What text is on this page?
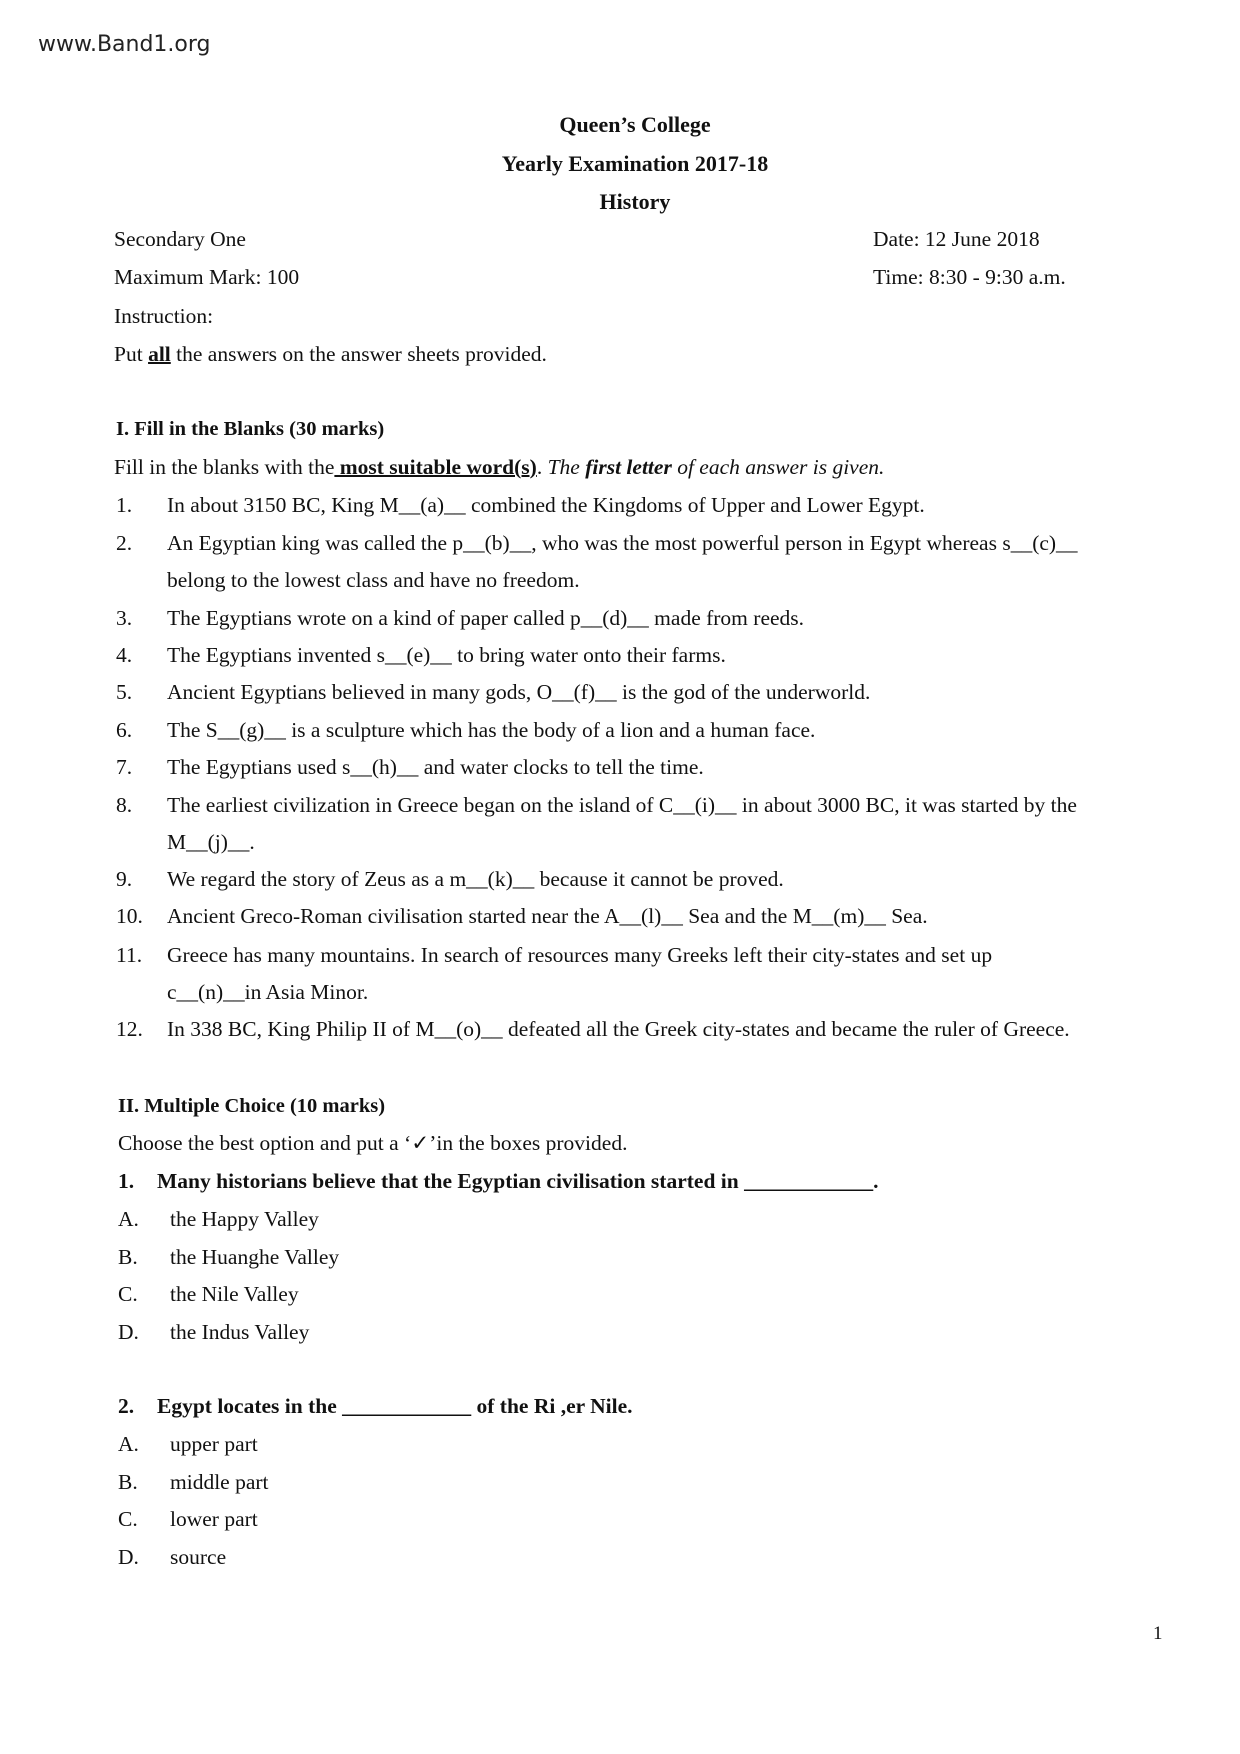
www.Band1.org
Queen’s College
Yearly Examination 2017-18
History
Secondary One
Maximum Mark: 100
Instruction:
Put all the answers on the answer sheets provided.
Date: 12 June 2018
Time: 8:30 - 9:30 a.m.
I. Fill in the Blanks (30 marks)
Fill in the blanks with the most suitable word(s). The first letter of each answer is given.
1. In about 3150 BC, King M__(a)__ combined the Kingdoms of Upper and Lower Egypt.
2. An Egyptian king was called the p__(b)__, who was the most powerful person in Egypt whereas s__(c)__
belong to the lowest class and have no freedom.
3. The Egyptians wrote on a kind of paper called p__(d)__ made from reeds.
4. The Egyptians invented s__(e)__ to bring water onto their farms.
5. Ancient Egyptians believed in many gods, O__(f)__ is the god of the underworld.
6. The S__(g)__ is a sculpture which has the body of a lion and a human face.
7. The Egyptians used s__(h)__ and water clocks to tell the time.
8. The earliest civilization in Greece began on the island of C__(i)__ in about 3000 BC, it was started by the
M__(j)__.
9. We regard the story of Zeus as a m__(k)__ because it cannot be proved.
10. Ancient Greco-Roman civilisation started near the A__(l)__ Sea and the M__(m)__ Sea.
11. Greece has many mountains. In search of resources many Greeks left their city-states and set up
c__(n)__in Asia Minor.
12. In 338 BC, King Philip II of M__(o)__ defeated all the Greek city-states and became the ruler of Greece.
II. Multiple Choice (10 marks)
Choose the best option and put a ‘✓’in the boxes provided.
1. Many historians believe that the Egyptian civilisation started in ____________.
A. the Happy Valley
B. the Huanghe Valley
C. the Nile Valley
D. the Indus Valley
2. Egypt locates in the ____________ of the Ri ,er Nile.
A. upper part
B. middle part
C. lower part
D. source
1
